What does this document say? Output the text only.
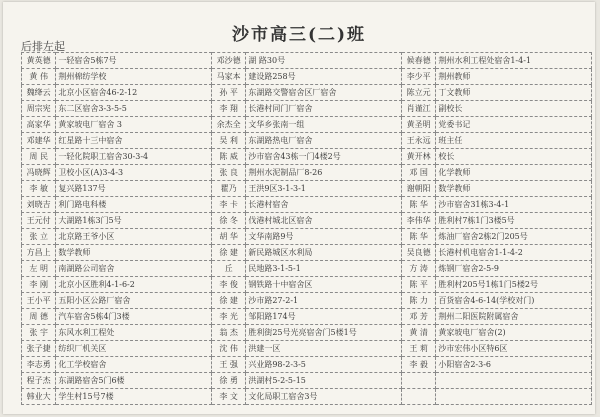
沙市高三(二)班
后排左起
黄英德	一轻宿舍5栋7号	邓沙德	湖 路30号	候春德	荆州水利工程处宿舍1-4-1
黄 伟	荆州棉纺学校	马家本	建设路258号	李少平	荆州教师
魏绛云	北京小区宿舍46-2-12	孙 平	东湖路交警宿舍区厂宿舍	陈立元	丁文教师
周宗宪	东二区宿舍3-3-5-5	李 翔	长港村同门厂宿舍	肖谨江	副校长
高家华	黄家坡电厂宿舍 3	余杰全	文华乡张南一组	黄圣明	党委书记
邓建华	红星路十三中宿舍	吴 利	东湖路热电厂宿舍	王永远	班主任
周 民	一轻化院职工宿舍30-3-4	陈 威	沙市宿舍43栋一门4楼2号	黄开林	校长
冯晓辉	卫校小区(A)3-4-3	张 良	荆州水泥制品厂8-26	邓 国	化学教师
李 敏	复兴路137号	瞿乃	王洪9区3-1-3-1	谢朝阳	数学教师
刘晓吉	利门路电科楼	李 卡	长港村宿舍	陈 华	沙市宿舍31栋3-4-1
王元付	大湖路1栋3门5号	徐 冬	伐港村城北区宿舍	李伟华	胜利村7栋1门3楼5号
张 立	北京路王爷小区	胡 华	文华南路9号	陈 华	炼油厂宿舍2栋2门205号
方昌上	数学教师	徐 建	新民路城区水利局	吴良德	长港村机电宿舍1-1-4-2
左 明	南湖路公司宿舍	丘	民地路3-1-5-1	方 涛	炼钢厂宿舍2-5-9
李 刚	北京小区胜利4-1-6-2	李 俊	钢铁路十中宿舍区	陈 平	胜利村205号1栋1门5楼2号
王小平	五阳小区公路厂宿舍	徐 建	沙市路27-2-1	陈 力	百货宿舍4-6-14(学校对门)
周 德	汽车宿舍5栋4门3楼	李 光	邹阳路174号	邓 芳	荆州二阳医院附属宿舍
张 宇	东风水利工程处	翁 杰	胜利街25号光亮宿舍门5楼1号	黄 清	黄家坡电厂宿舍(2)
张子捷	纺织厂机关区	沈 伟	洪建一区	王 莉	沙市宏伟小区特6区
李志勇	化工学校宿舍	王 强	兴业路98-2-3-5	李 毅	小阳宿舍2-3-6
程子杰	东湖路宿舍5门6楼	徐 勇	洪湖村5-2-5-15		
韩业大	学生村15号7楼	李 文	文化局职工宿舍3号		
